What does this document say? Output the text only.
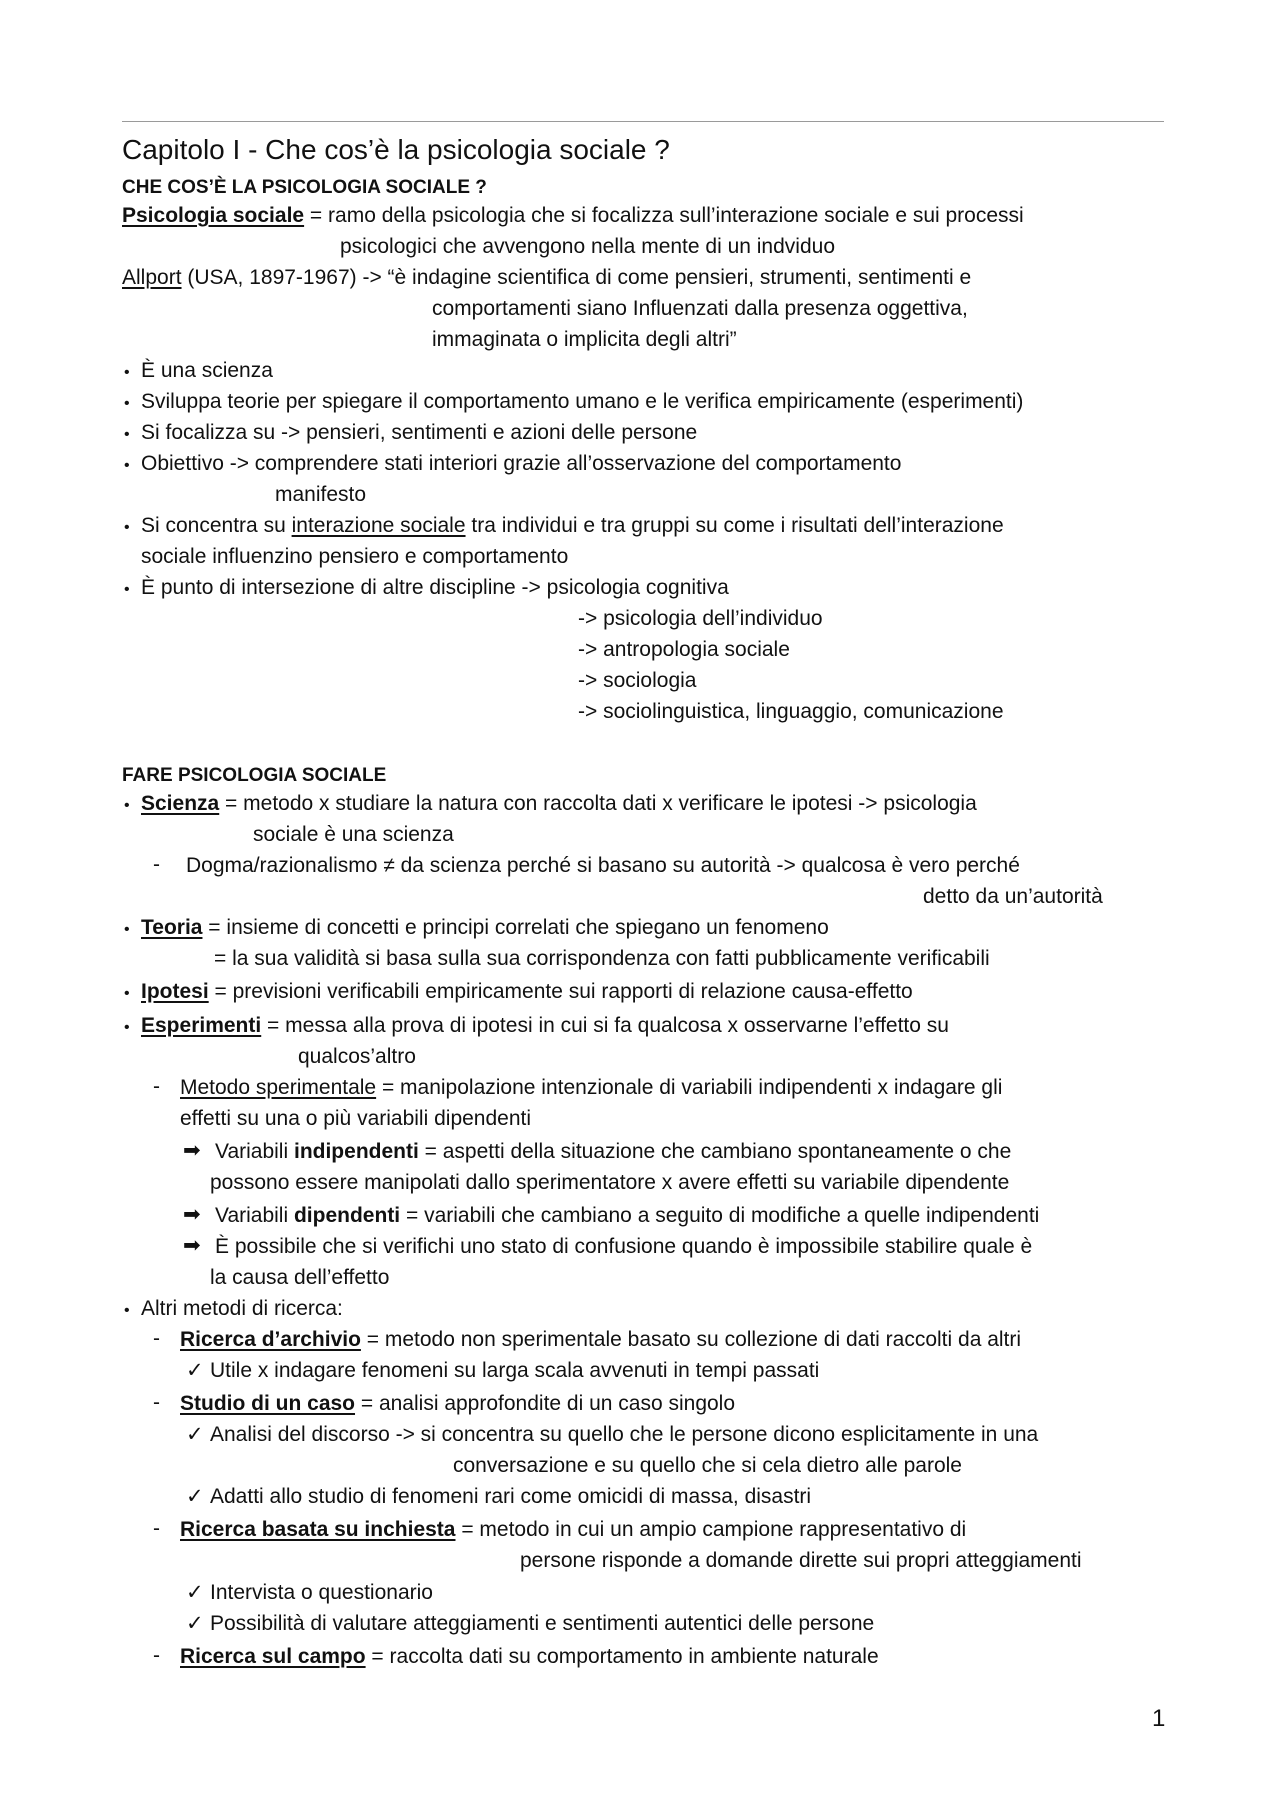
Capitolo I - Che cos’è la psicologia sociale ?
CHE COS’È LA PSICOLOGIA SOCIALE ?
Psicologia sociale = ramo della psicologia che si focalizza sull’interazione sociale e sui processi
psicologici che avvengono nella mente di un indviduo
Allport (USA, 1897-1967) -> “è indagine scientifica di come pensieri, strumenti, sentimenti e
comportamenti siano Influenzati dalla presenza oggettiva,
immaginata o implicita degli altri”
• È una scienza
• Sviluppa teorie per spiegare il comportamento umano e le verifica empiricamente (esperimenti)
• Si focalizza su -> pensieri, sentimenti e azioni delle persone
• Obiettivo -> comprendere stati interiori grazie all’osservazione del comportamento
manifesto
• Si concentra su interazione sociale tra individui e tra gruppi su come i risultati dell’interazione
sociale influenzino pensiero e comportamento
• È punto di intersezione di altre discipline -> psicologia cognitiva
-> psicologia dell’individuo
-> antropologia sociale
-> sociologia
-> sociolinguistica, linguaggio, comunicazione
FARE PSICOLOGIA SOCIALE
• Scienza = metodo x studiare la natura con raccolta dati x verificare le ipotesi -> psicologia
sociale è una scienza
- Dogma/razionalismo ≠ da scienza perché si basano su autorità -> qualcosa è vero perché
detto da un’autorità
• Teoria = insieme di concetti e principi correlati che spiegano un fenomeno
= la sua validità si basa sulla sua corrispondenza con fatti pubblicamente verificabili
• Ipotesi = previsioni verificabili empiricamente sui rapporti di relazione causa-effetto
• Esperimenti = messa alla prova di ipotesi in cui si fa qualcosa x osservarne l’effetto su
qualcos’altro
- Metodo sperimentale = manipolazione intenzionale di variabili indipendenti x indagare gli
effetti su una o più variabili dipendenti
➡ Variabili indipendenti = aspetti della situazione che cambiano spontaneamente o che
possono essere manipolati dallo sperimentatore x avere effetti su variabile dipendente
➡ Variabili dipendenti = variabili che cambiano a seguito di modifiche a quelle indipendenti
➡ È possibile che si verifichi uno stato di confusione quando è impossibile stabilire quale è
la causa dell’effetto
• Altri metodi di ricerca:
- Ricerca d’archivio = metodo non sperimentale basato su collezione di dati raccolti da altri
✓ Utile x indagare fenomeni su larga scala avvenuti in tempi passati
- Studio di un caso = analisi approfondite di un caso singolo
✓ Analisi del discorso -> si concentra su quello che le persone dicono esplicitamente in una
conversazione e su quello che si cela dietro alle parole
✓ Adatti allo studio di fenomeni rari come omicidi di massa, disastri
- Ricerca basata su inchiesta = metodo in cui un ampio campione rappresentativo di
persone risponde a domande dirette sui propri atteggiamenti
✓ Intervista o questionario
✓ Possibilità di valutare atteggiamenti e sentimenti autentici delle persone
- Ricerca sul campo = raccolta dati su comportamento in ambiente naturale
1
